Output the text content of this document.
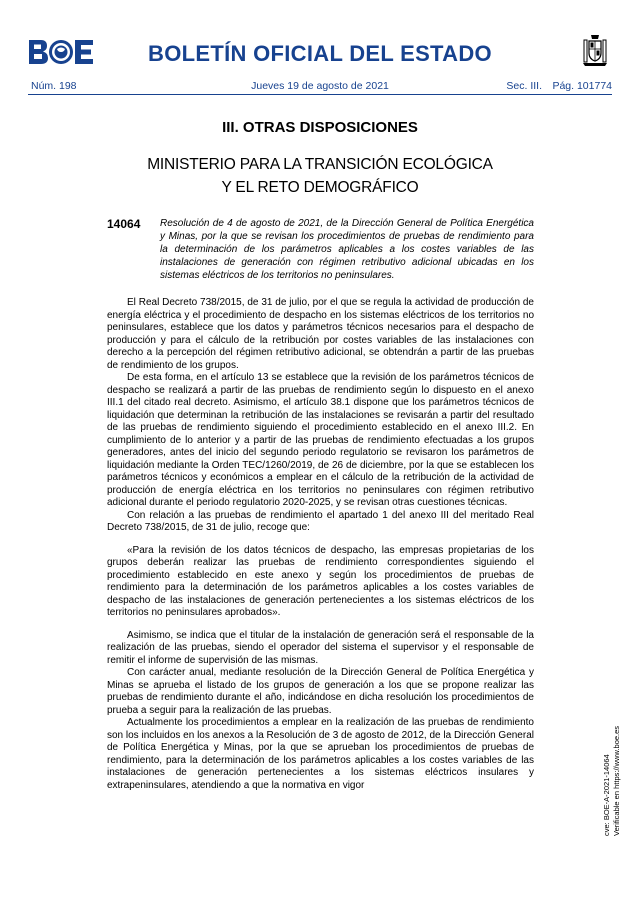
BOLETÍN OFICIAL DEL ESTADO
Núm. 198	Jueves 19 de agosto de 2021	Sec. III. Pág. 101774
III. OTRAS DISPOSICIONES
MINISTERIO PARA LA TRANSICIÓN ECOLÓGICA
Y EL RETO DEMOGRÁFICO
14064 Resolución de 4 de agosto de 2021, de la Dirección General de Política Energética y Minas, por la que se revisan los procedimientos de pruebas de rendimiento para la determinación de los parámetros aplicables a los costes variables de las instalaciones de generación con régimen retributivo adicional ubicadas en los sistemas eléctricos de los territorios no peninsulares.

El Real Decreto 738/2015, de 31 de julio, por el que se regula la actividad de producción de energía eléctrica y el procedimiento de despacho en los sistemas eléctricos de los territorios no peninsulares, establece que los datos y parámetros técnicos necesarios para el despacho de producción y para el cálculo de la retribución por costes variables de las instalaciones con derecho a la percepción del régimen retributivo adicional, se obtendrán a partir de las pruebas de rendimiento de los grupos.

De esta forma, en el artículo 13 se establece que la revisión de los parámetros técnicos de despacho se realizará a partir de las pruebas de rendimiento según lo dispuesto en el anexo III.1 del citado real decreto. Asimismo, el artículo 38.1 dispone que los parámetros técnicos de liquidación que determinan la retribución de las instalaciones se revisarán a partir del resultado de las pruebas de rendimiento siguiendo el procedimiento establecido en el anexo III.2. En cumplimiento de lo anterior y a partir de las pruebas de rendimiento efectuadas a los grupos generadores, antes del inicio del segundo periodo regulatorio se revisaron los parámetros de liquidación mediante la Orden TEC/1260/2019, de 26 de diciembre, por la que se establecen los parámetros técnicos y económicos a emplear en el cálculo de la retribución de la actividad de producción de energía eléctrica en los territorios no peninsulares con régimen retributivo adicional durante el periodo regulatorio 2020-2025, y se revisan otras cuestiones técnicas.

Con relación a las pruebas de rendimiento el apartado 1 del anexo III del meritado Real Decreto 738/2015, de 31 de julio, recoge que:

«Para la revisión de los datos técnicos de despacho, las empresas propietarias de los grupos deberán realizar las pruebas de rendimiento correspondientes siguiendo el procedimiento establecido en este anexo y según los procedimientos de pruebas de rendimiento para la determinación de los parámetros aplicables a los costes variables de despacho de las instalaciones de generación pertenecientes a los sistemas eléctricos de los territorios no peninsulares aprobados».

Asimismo, se indica que el titular de la instalación de generación será el responsable de la realización de las pruebas, siendo el operador del sistema el supervisor y el responsable de remitir el informe de supervisión de las mismas.

Con carácter anual, mediante resolución de la Dirección General de Política Energética y Minas se aprueba el listado de los grupos de generación a los que se propone realizar las pruebas de rendimiento durante el año, indicándose en dicha resolución los procedimientos de prueba a seguir para la realización de las pruebas.

Actualmente los procedimientos a emplear en la realización de las pruebas de rendimiento son los incluidos en los anexos a la Resolución de 3 de agosto de 2012, de la Dirección General de Política Energética y Minas, por la que se aprueban los procedimientos de pruebas de rendimiento, para la determinación de los parámetros aplicables a los costes variables de las instalaciones de generación pertenecientes a los sistemas eléctricos insulares y extrapeninsulares, atendiendo a que la normativa en vigor	cve: BOE-A-2021-14064 Verificable en https://www.boe.es
